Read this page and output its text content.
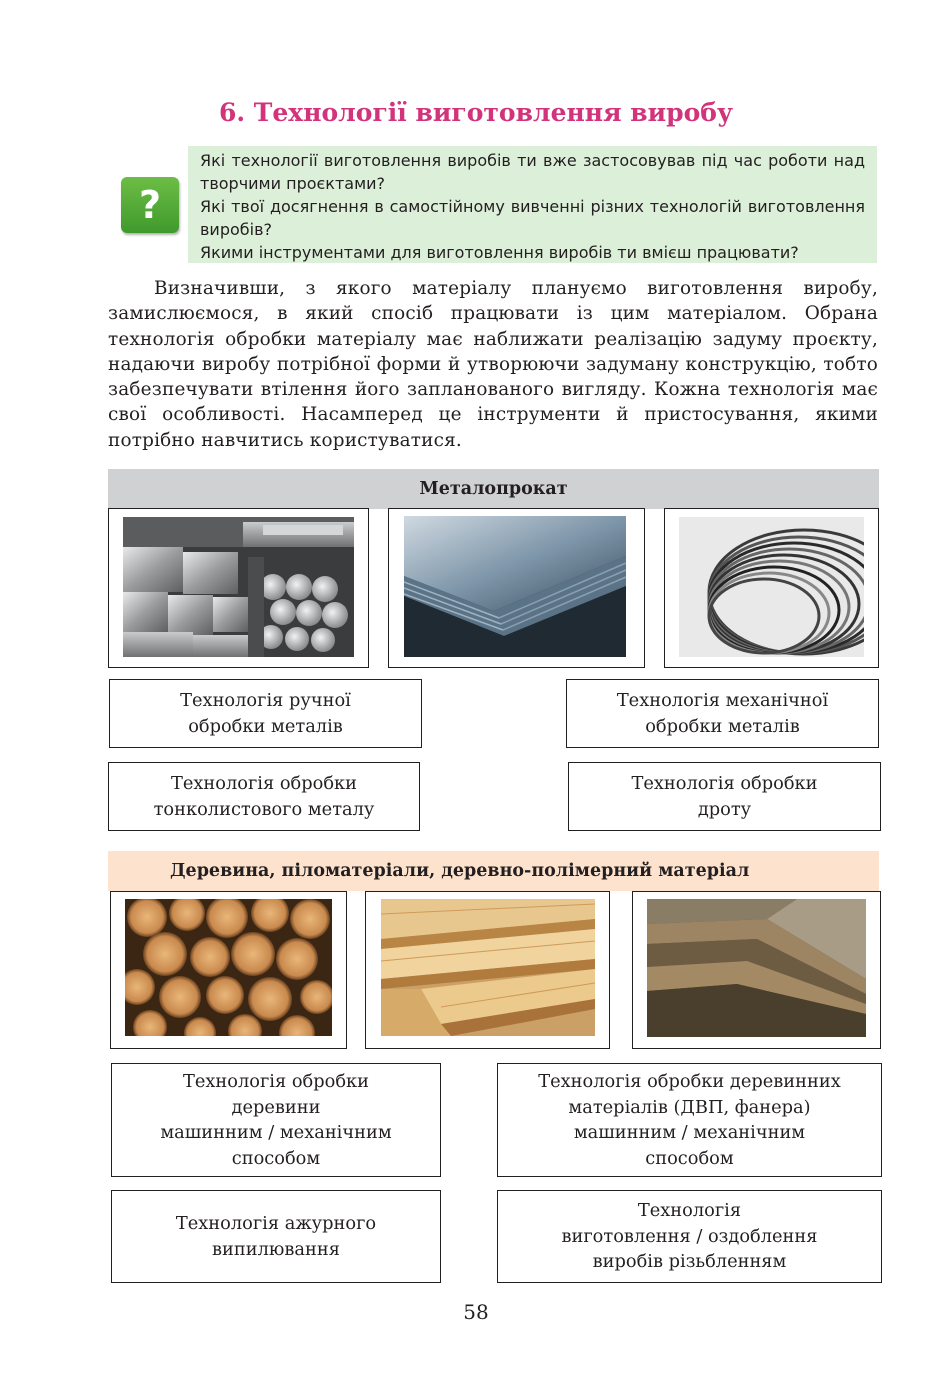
6. Технології виготовлення виробу
?

Які технології виготовлення виробів ти вже застосовував під час роботи над творчими проєктами?

Які твої досягнення в самостійному вивченні різних технологій виготовлення виробів?

Якими інструментами для виготовлення виробів ти вмієш працювати?

Визначивши, з якого матеріалу плануємо виготовлення виробу, замислюємося, в який спосіб працювати із цим матеріалом. Обрана технологія обробки матеріалу має наближати реалізацію задуму проєкту, надаючи виробу потрібної форми й утворюючи задуману конструкцію, тобто забезпечувати втілення його запланованого вигляду. Кожна технологія має свої особливості. Насамперед це інструменти й пристосування, якими потрібно навчитись користуватися.

Металопрокат
Технологія ручної
обробки металів
Технологія механічної
обробки металів
Технологія обробки
тонколистового металу
Технологія обробки
дроту
Деревина, піломатеріали, деревно-полімерний матеріал
Технологія обробки
деревини
машинним / механічним
способом
Технологія обробки деревинних
матеріалів (ДВП, фанера)
машинним / механічним
способом
Технологія ажурного
випилювання
Технологія
виготовлення / оздоблення
виробів різьбленням
58
